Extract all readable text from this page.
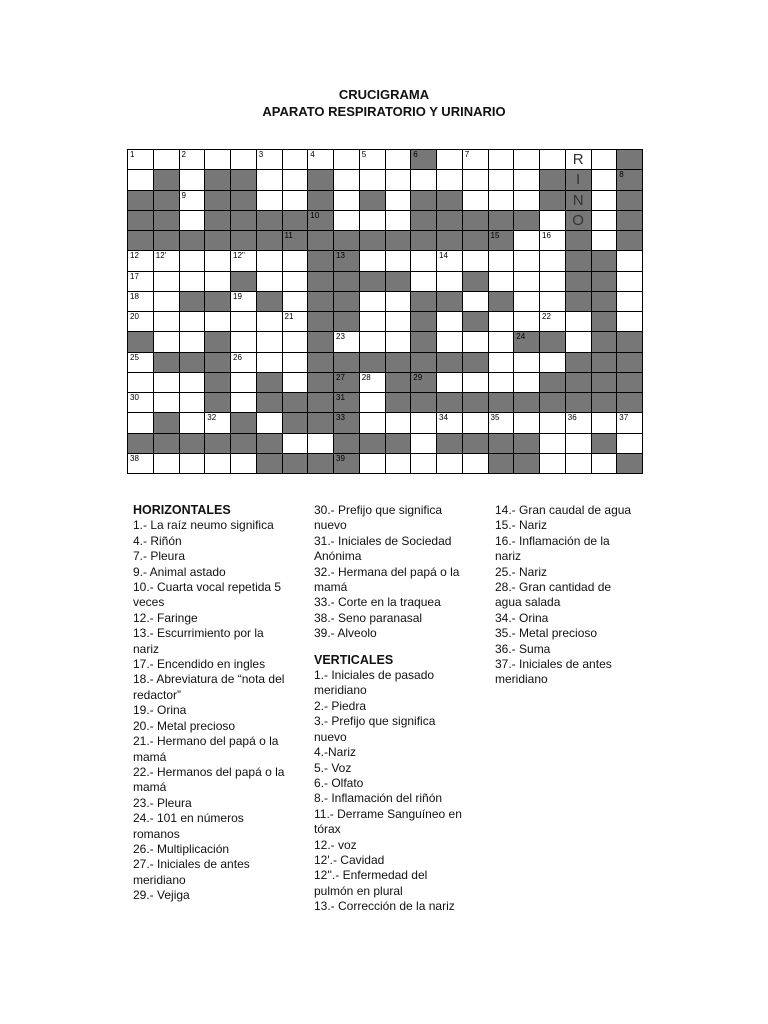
CRUCIGRAMA
APARATO RESPIRATORIO Y URINARIO
1	2	3	4	5	6	7	R
I	8
9	N
10	O
11	15	16
12 12'	12''	13	14
17
18	19
20	21	22
23	24
25	26
27 28	29
30	31
32	33	34	35	36	37
38	39
HORIZONTALES
1.- La raíz neumo significa
4.- Riñón
7.- Pleura
9.- Animal astado
10.- Cuarta vocal repetida 5 veces
12.- Faringe
13.- Escurrimiento por la nariz
17.- Encendido en ingles
18.- Abreviatura de “nota del redactor”
19.- Orina
20.- Metal precioso
21.- Hermano del papá o la mamá
22.- Hermanos del papá o la mamá
23.- Pleura
24.- 101 en números romanos
26.- Multiplicación
27.- Iniciales de antes meridiano
29.- Vejiga
30.- Prefijo que significa nuevo
31.- Iniciales de Sociedad Anónima
32.- Hermana del papá o la mamá
33.- Corte en la traquea
38.- Seno paranasal
39.- Alveolo
VERTICALES
1.- Iniciales de pasado meridiano
2.- Piedra
3.- Prefijo que significa nuevo
4.-Nariz
5.- Voz
6.- Olfato
8.- Inflamación del riñón
11.- Derrame Sanguíneo en tórax
12.- voz
12'.- Cavidad
12''.- Enfermedad del pulmón en plural
13.- Corrección de la nariz
14.- Gran caudal de agua
15.- Nariz
16.- Inflamación de la nariz
25.- Nariz
28.- Gran cantidad de agua salada
34.- Orina
35.- Metal precioso
36.- Suma
37.- Iniciales de antes meridiano
